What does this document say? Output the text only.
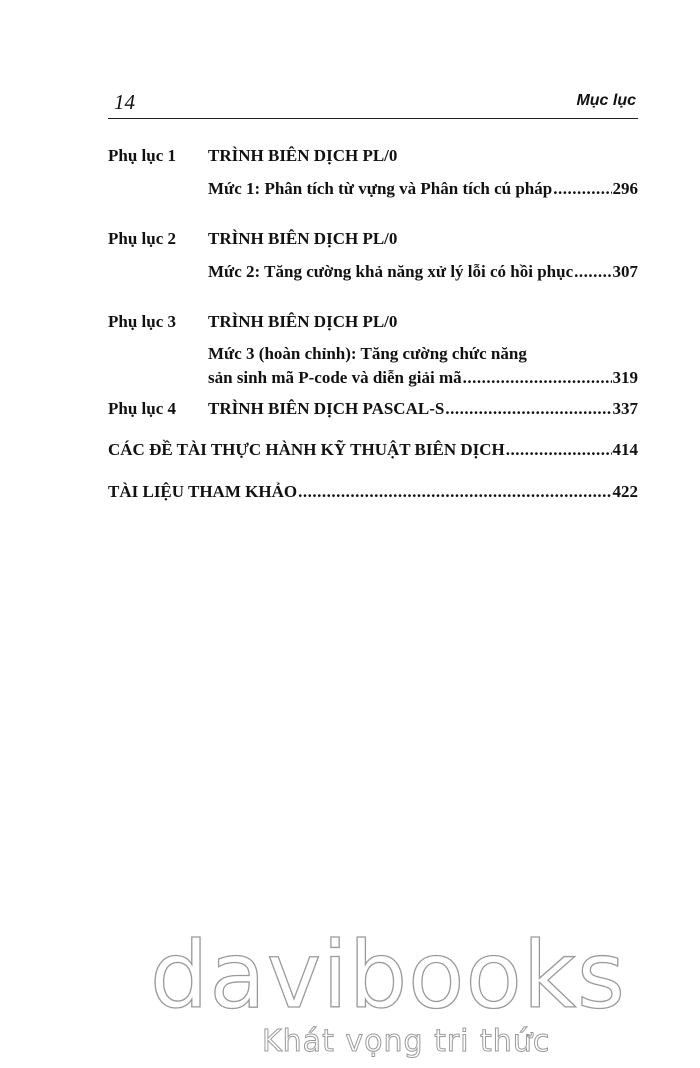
14	Mục lục
Phụ lục 1 TRÌNH BIÊN DỊCH PL/0
Mức 1: Phân tích từ vựng và Phân tích cú pháp .....	296
Phụ lục 2 TRÌNH BIÊN DỊCH PL/0
Mức 2: Tăng cường khả năng xử lý lỗi có hồi phục ..... 307
Phụ lục 3 TRÌNH BIÊN DỊCH PL/0
Mức 3 (hoàn chỉnh): Tăng cường chức năng
sản sinh mã P-code và diễn giải mã .....	319
Phụ lục 4 TRÌNH BIÊN DỊCH PASCAL-S .....	337
CÁC ĐỀ TÀI THỰC HÀNH KỸ THUẬT BIÊN DỊCH .....	414
TÀI LIỆU THAM KHẢO .....	422
davibooks
Khát vọng tri thức
